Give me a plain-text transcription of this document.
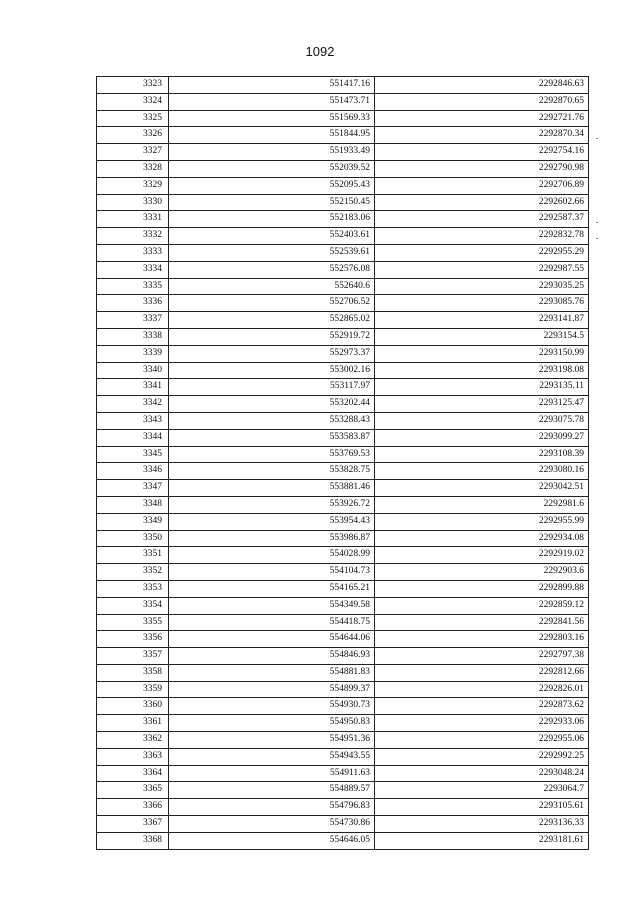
1092
3323	551417.16	2292846.63
3324	551473.71	2292870.65
3325	551569.33	2292721.76
3326	551844.95	2292870.34
3327	551933.49	2292754.16
3328	552039.52	2292790.98
3329	552095.43	2292706.89
3330	552150.45	2292602.66
3331	552183.06	2292587.37
3332	552403.61	2292832.78
3333	552539.61	2292955.29
3334	552576.08	2292987.55
3335	552640.6	2293035.25
3336	552706.52	2293085.76
3337	552865.02	2293141.87
3338	552919.72	2293154.5
3339	552973.37	2293150.99
3340	553002.16	2293198.08
3341	553117.97	2293135.11
3342	553202.44	2293125.47
3343	553288.43	2293075.78
3344	553583.87	2293099.27
3345	553769.53	2293108.39
3346	553828.75	2293080.16
3347	553881.46	2293042.51
3348	553926.72	2292981.6
3349	553954.43	2292955.99
3350	553986.87	2292934.08
3351	554028.99	2292919.02
3352	554104.73	2292903.6
3353	554165.21	2292899.88
3354	554349.58	2292859.12
3355	554418.75	2292841.56
3356	554644.06	2292803.16
3357	554846.93	2292797.38
3358	554881.83	2292812.66
3359	554899.37	2292826.01
3360	554930.73	2292873.62
3361	554950.83	2292933.06
3362	554951.36	2292955.06
3363	554943.55	2292992.25
3364	554911.63	2293048.24
3365	554889.57	2293064.7
3366	554796.83	2293105.61
3367	554730.86	2293136.33
3368	554646.05	2293181.61
